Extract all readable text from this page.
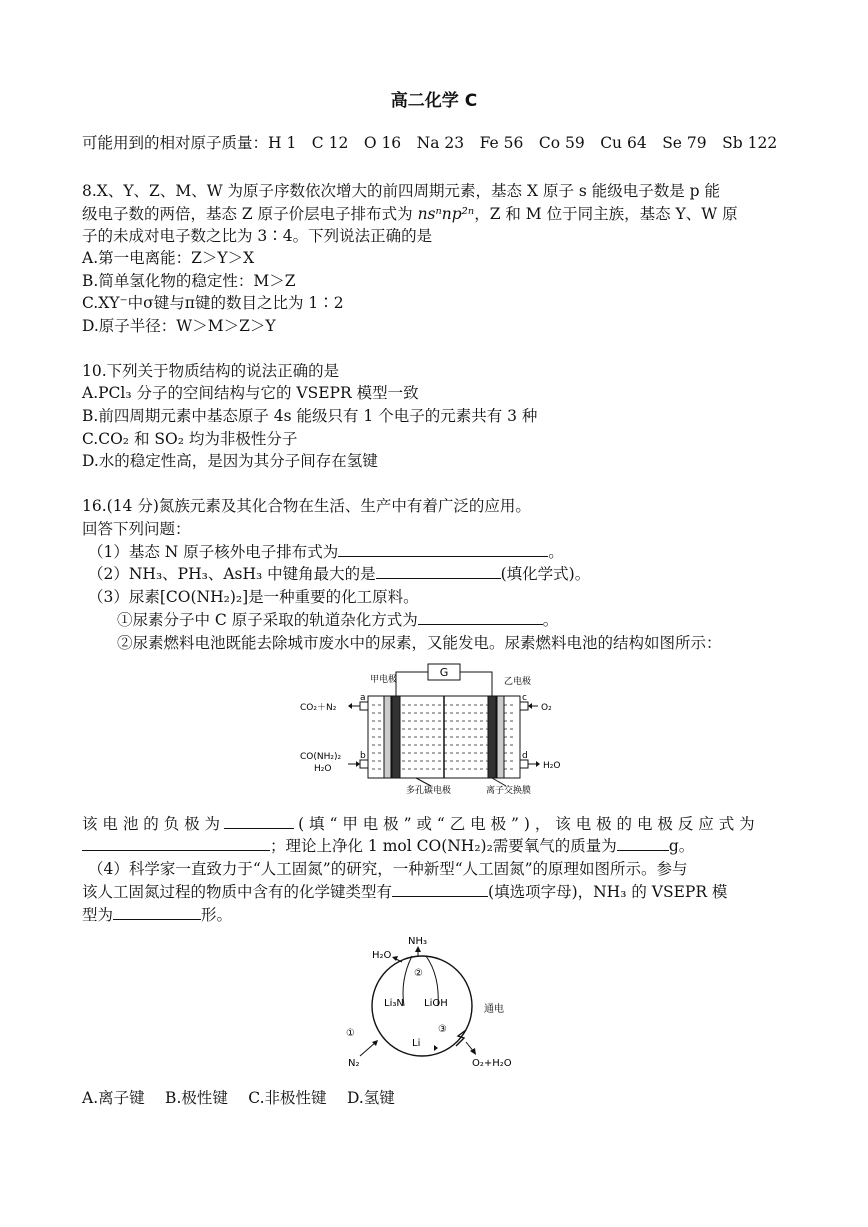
高二化学 C
可能用到的相对原子质量：H 1　C 12　O 16　Na 23　Fe 56　Co 59　Cu 64　Se 79　Sb 122
8.X、Y、Z、M、W 为原子序数依次增大的前四周期元素，基态 X 原子 s 能级电子数是 p 能
级电子数的两倍，基态 Z 原子价层电子排布式为 nsⁿnp²ⁿ，Z 和 M 位于同主族，基态 Y、W 原
子的未成对电子数之比为 3∶4。下列说法正确的是
A.第一电离能：Z＞Y＞X
B.简单氢化物的稳定性：M＞Z
C.XY⁻中σ键与π键的数目之比为 1∶2
D.原子半径：W＞M＞Z＞Y
10.下列关于物质结构的说法正确的是
A.PCl₃ 分子的空间结构与它的 VSEPR 模型一致
B.前四周期元素中基态原子 4s 能级只有 1 个电子的元素共有 3 种
C.CO₂ 和 SO₂ 均为非极性分子
D.水的稳定性高，是因为其分子间存在氢键
16.(14 分)氮族元素及其化合物在生活、生产中有着广泛的应用。
回答下列问题：
（1）基态 N 原子核外电子排布式为	。
（2）NH₃、PH₃、AsH₃ 中键角最大的是	(填化学式)。
（3）尿素[CO(NH₂)₂]是一种重要的化工原料。
①尿素分子中 C 原子采取的轨道杂化方式为	。
②尿素燃料电池既能去除城市废水中的尿素，又能发电。尿素燃料电池的结构如图所示：
G
甲电极	乙电极
a
b
c
d
CO₂＋N₂
CO(NH₂)₂
H₂O
O₂
H₂O
多孔碳电极	离子交换膜
该 电 池 的 负 极 为	( 填 “ 甲 电 极 ” 或 “ 乙 电 极 ” ) ， 该 电 极 的 电 极 反 应 式 为
；理论上净化 1 mol CO(NH₂)₂需要氧气的质量为	g。
（4）科学家一直致力于“人工固氮”的研究，一种新型“人工固氮”的原理如图所示。参与
该人工固氮过程的物质中含有的化学键类型有	(填选项字母)，NH₃ 的 VSEPR 模
型为	形。
NH₃
H₂O
②
Li₃N LiOH
③
Li
①
N₂
通电
O₂+H₂O
A.离子键　 B.极性键　 C.非极性键　 D.氢键
